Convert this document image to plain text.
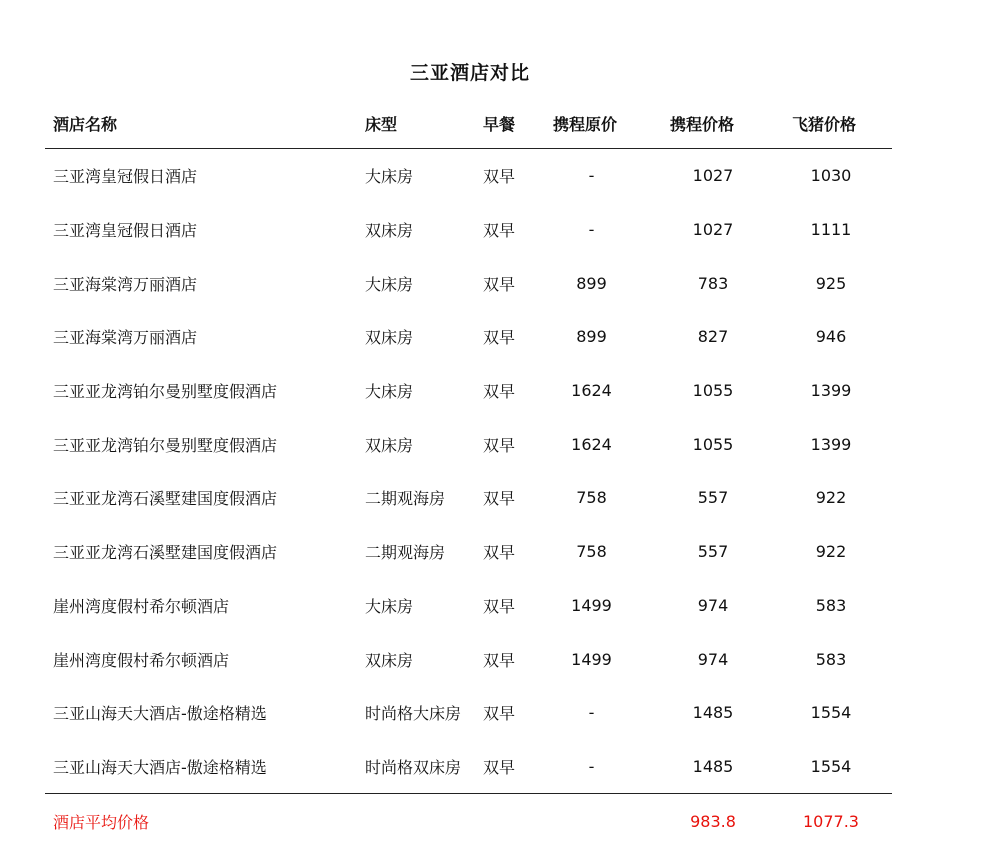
三亚酒店对比
酒店名称	床型	早餐	携程原价	携程价格	飞猪价格
三亚湾皇冠假日酒店	大床房	双早	-	1027	1030
三亚湾皇冠假日酒店	双床房	双早	-	1027	1111
三亚海棠湾万丽酒店	大床房	双早	899	783	925
三亚海棠湾万丽酒店	双床房	双早	899	827	946
三亚亚龙湾铂尔曼别墅度假酒店	大床房	双早	1624	1055	1399
三亚亚龙湾铂尔曼别墅度假酒店	双床房	双早	1624	1055	1399
三亚亚龙湾石溪墅建国度假酒店	二期观海房	双早	758	557	922
三亚亚龙湾石溪墅建国度假酒店	二期观海房	双早	758	557	922
崖州湾度假村希尔顿酒店	大床房	双早	1499	974	583
崖州湾度假村希尔顿酒店	双床房	双早	1499	974	583
三亚山海天大酒店-傲途格精选	时尚格大床房	双早	-	1485	1554
三亚山海天大酒店-傲途格精选	时尚格双床房	双早	-	1485	1554
酒店平均价格				983.8	1077.3
